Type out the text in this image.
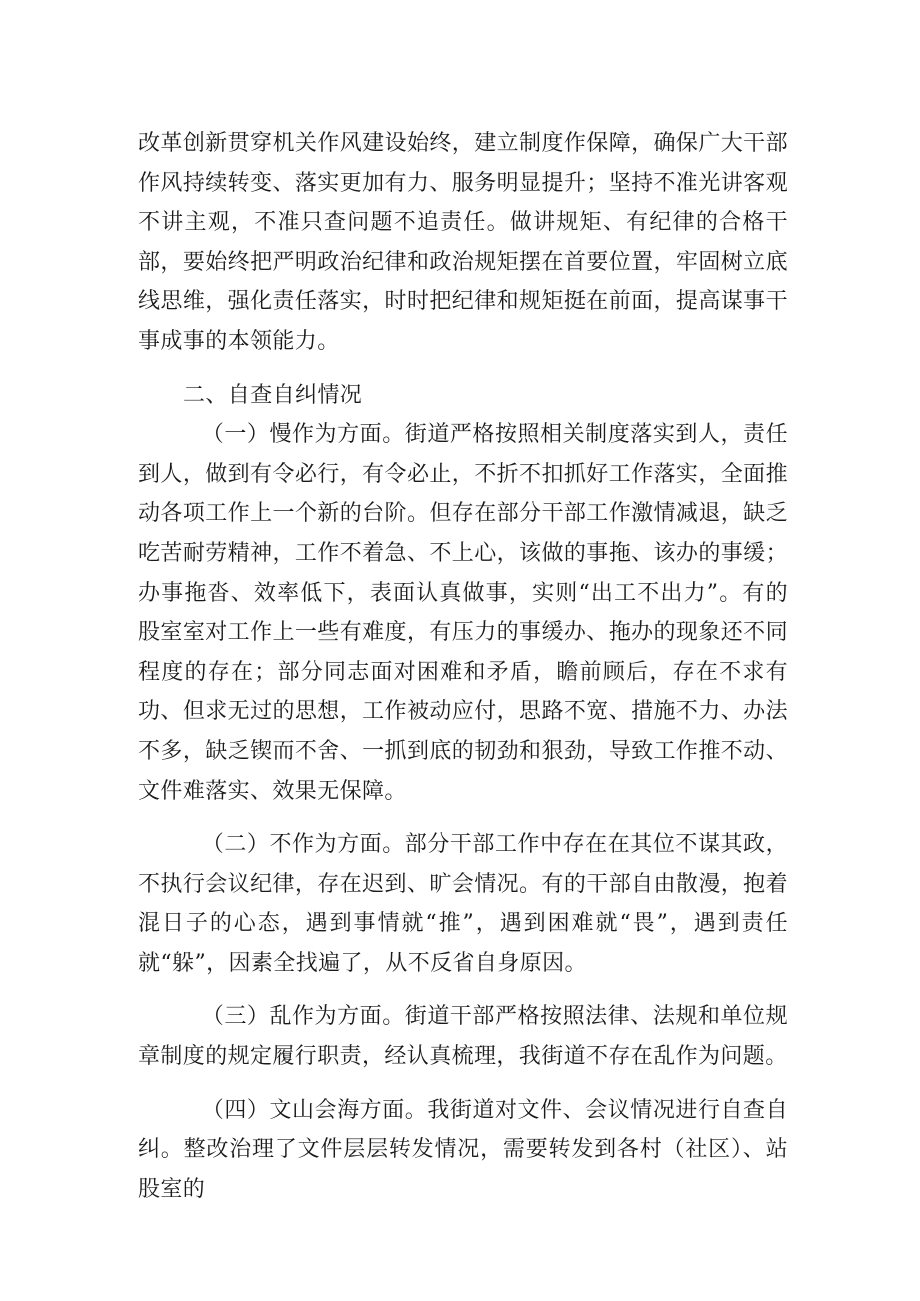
改革创新贯穿机关作风建设始终，建立制度作保障，确保广大干部作风持续转变、落实更加有力、服务明显提升；坚持不准光讲客观不讲主观，不准只查问题不追责任。做讲规矩、有纪律的合格干部，要始终把严明政治纪律和政治规矩摆在首要位置，牢固树立底线思维，强化责任落实，时时把纪律和规矩挺在前面，提高谋事干事成事的本领能力。

二、自查自纠情况

（一）慢作为方面。街道严格按照相关制度落实到人，责任到人，做到有令必行，有令必止，不折不扣抓好工作落实，全面推动各项工作上一个新的台阶。但存在部分干部工作激情减退，缺乏吃苦耐劳精神，工作不着急、不上心，该做的事拖、该办的事缓；办事拖沓、效率低下，表面认真做事，实则“出工不出力”。有的股室室对工作上一些有难度，有压力的事缓办、拖办的现象还不同程度的存在；部分同志面对困难和矛盾，瞻前顾后，存在不求有功、但求无过的思想，工作被动应付，思路不宽、措施不力、办法不多，缺乏锲而不舍、一抓到底的韧劲和狠劲，导致工作推不动、文件难落实、效果无保障。

（二）不作为方面。部分干部工作中存在在其位不谋其政，不执行会议纪律，存在迟到、旷会情况。有的干部自由散漫，抱着混日子的心态，遇到事情就“推”，遇到困难就“畏”，遇到责任就“躲”，因素全找遍了，从不反省自身原因。

（三）乱作为方面。街道干部严格按照法律、法规和单位规章制度的规定履行职责，经认真梳理，我街道不存在乱作为问题。

（四）文山会海方面。我街道对文件、会议情况进行自查自纠。整改治理了文件层层转发情况，需要转发到各村（社区）、站股室的
